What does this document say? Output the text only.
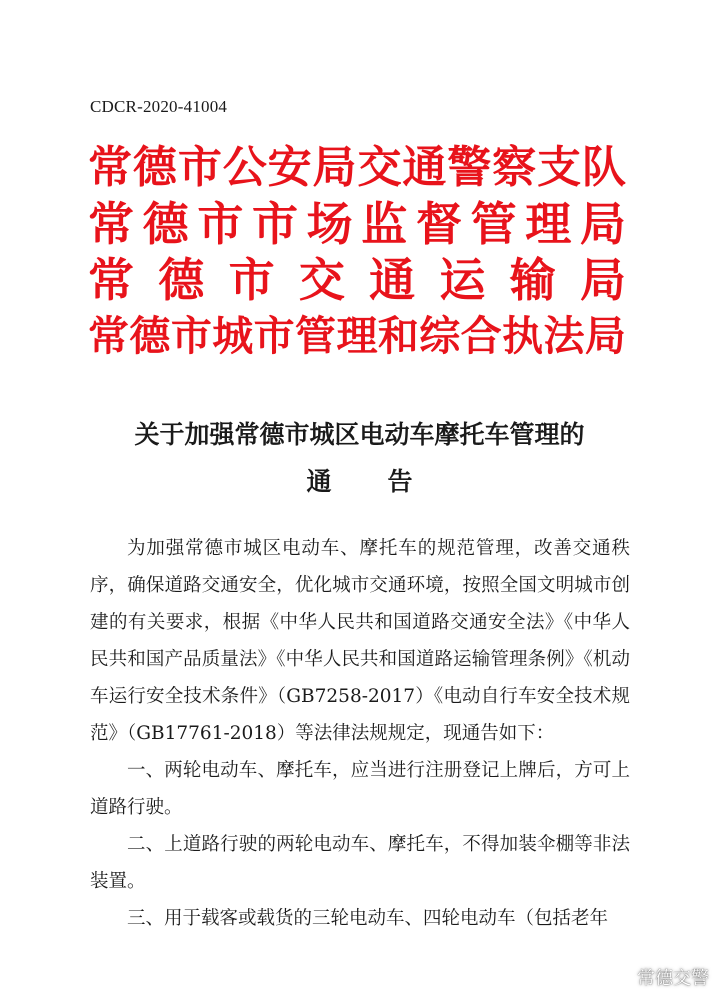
CDCR-2020-41004
常 德 市 公 安 局 交 通 警 察 支 队
常 德 市 市 场 监 督 管 理 局
常 德 市 交 通 运 输 局
常 德 市 城 市 管 理 和 综 合 执 法 局
关于加强常德市城区电动车摩托车管理的
通告

为加强常德市城区电动车、摩托车的规范管理，改善交通秩序，确保道路交通安全，优化城市交通环境，按照全国文明城市创建的有关要求，根据《中华人民共和国道路交通安全法》《中华人民共和国产品质量法》《中华人民共和国道路运输管理条例》《机动车运行安全技术条件》（GB7258-2017）《电动自行车安全技术规范》（GB17761-2018）等法律法规规定，现通告如下：

一、两轮电动车、摩托车，应当进行注册登记上牌后，方可上道路行驶。

二、上道路行驶的两轮电动车、摩托车，不得加装伞棚等非法装置。

三、用于载客或载货的三轮电动车、四轮电动车（包括老年

常德交警
